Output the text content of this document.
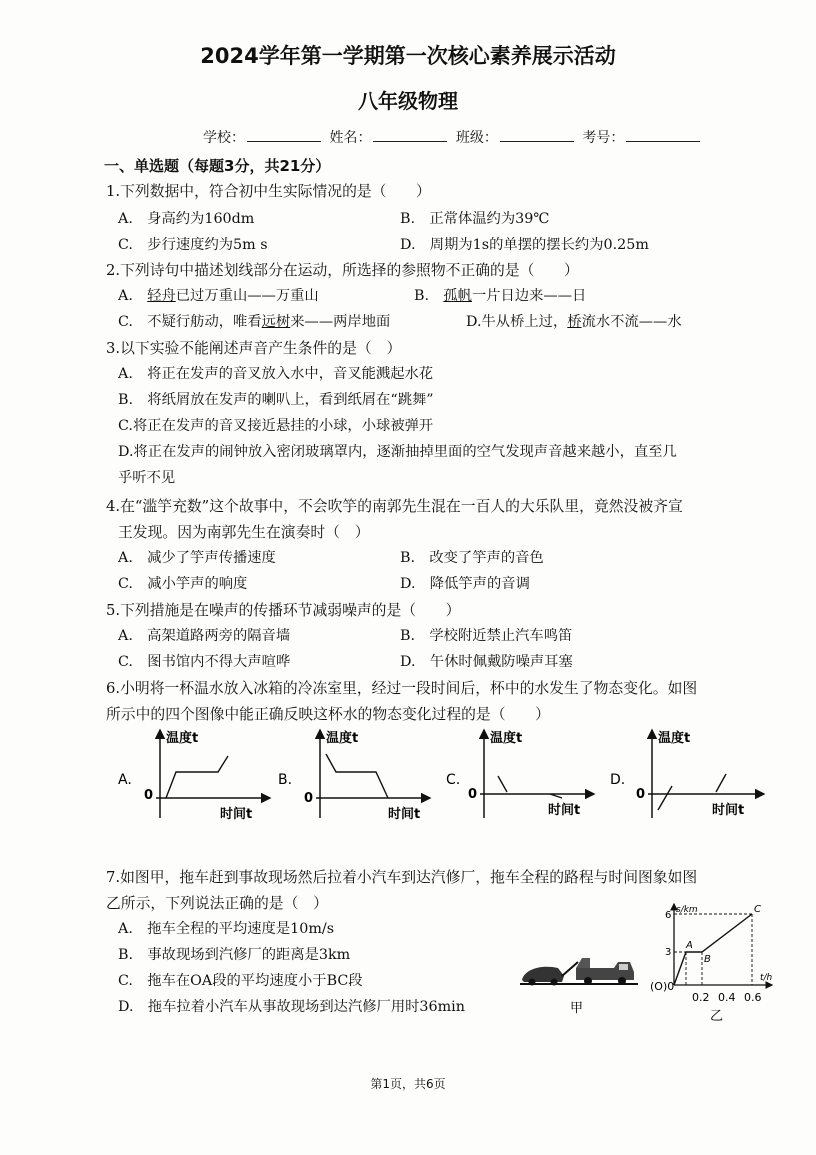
2024学年第一学期第一次核心素养展示活动
八年级物理
学校：	姓名：	班级：	考号：
一、单选题（每题3分，共21分）
1.下列数据中，符合初中生实际情况的是（　　）
A.　身高约为160dm	B.　正常体温约为39℃
C.　步行速度约为5m s	D.　周期为1s的单摆的摆长约为0.25m
2.下列诗句中描述划线部分在运动，所选择的参照物不正确的是（　　）
A.　轻舟已过万重山——万重山	B.　孤帆一片日边来——日
C.　不疑行舫动，唯看远树来——两岸地面	D.牛从桥上过，桥流水不流——水
3.以下实验不能阐述声音产生条件的是（　）
A.　将正在发声的音叉放入水中，音叉能溅起水花
B.　将纸屑放在发声的喇叭上，看到纸屑在“跳舞”
C.将正在发声的音叉接近悬挂的小球，小球被弹开
D.将正在发声的闹钟放入密闭玻璃罩内，逐渐抽掉里面的空气发现声音越来越小，直至几
乎听不见
4.在“滥竽充数”这个故事中，不会吹竽的南郭先生混在一百人的大乐队里，竟然没被齐宣
王发现。因为南郭先生在演奏时（　）
A.　减少了竽声传播速度	B.　改变了竽声的音色
C.　减小竽声的响度	D.　降低竽声的音调
5.下列措施是在噪声的传播环节减弱噪声的是（　　）
A.　高架道路两旁的隔音墙	B.　学校附近禁止汽车鸣笛
C.　图书馆内不得大声喧哗	D.　午休时佩戴防噪声耳塞
6.小明将一杯温水放入冰箱的冷冻室里，经过一段时间后，杯中的水发生了物态变化。如图
所示中的四个图像中能正确反映这杯水的物态变化过程的是（　　）
A.
温度t
0
时间t
B.
温度t
0
时间t
C.
温度t
0
时间t
D.
温度t
0
时间t
7.如图甲，拖车赶到事故现场然后拉着小汽车到达汽修厂，拖车全程的路程与时间图象如图
乙所示，下列说法正确的是（　）
A.　拖车全程的平均速度是10m/s
B.　事故现场到汽修厂的距离是3km
C.　拖车在OA段的平均速度小于BC段
D.　拖车拉着小汽车从事故现场到达汽修厂用时36min	甲
s/km
t/h
6
3
(O)0
0.2 0.4 0.6
A
B
C
乙
第1页，共6页
